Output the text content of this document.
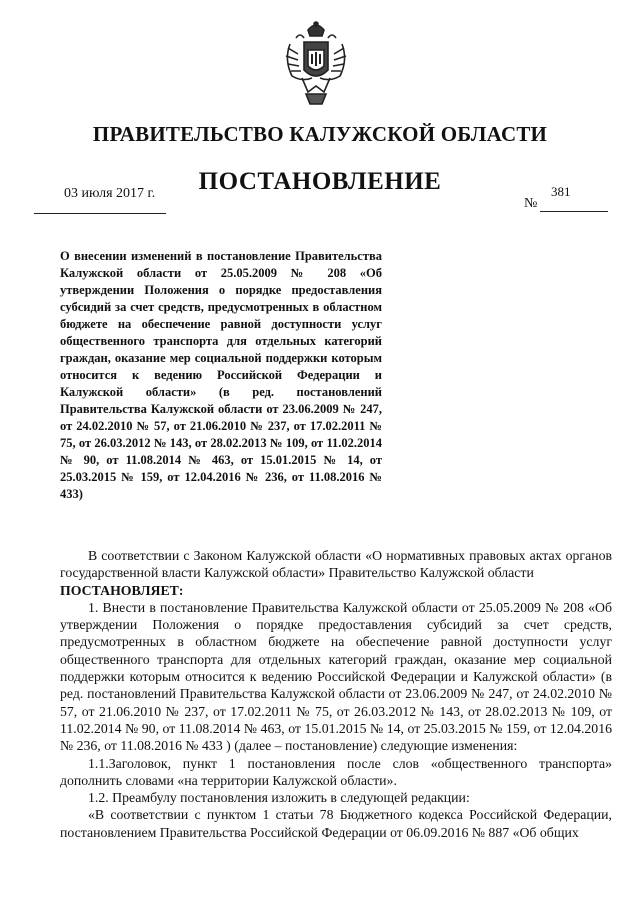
ПРАВИТЕЛЬСТВО КАЛУЖСКОЙ ОБЛАСТИ
ПОСТАНОВЛЕНИЕ
03 июля 2017 г.	381
№
О внесении изменений в постановление Правительства Калужской области от 25.05.2009 № 208 «Об утверждении Положения о порядке предоставления субсидий за счет средств, предусмотренных в областном бюджете на обеспечение равной доступности услуг общественного транспорта для отдельных категорий граждан, оказание мер социальной поддержки которым относится к ведению Российской Федерации и Калужской области» (в ред. постановлений Правительства Калужской области от 23.06.2009 № 247, от 24.02.2010 № 57, от 21.06.2010 № 237, от 17.02.2011 № 75, от 26.03.2012 № 143, от 28.02.2013 № 109, от 11.02.2014 № 90, от 11.08.2014 № 463, от 15.01.2015 № 14, от 25.03.2015 № 159, от 12.04.2016 № 236, от 11.08.2016 № 433)

В соответствии с Законом Калужской области «О нормативных правовых актах органов государственной власти Калужской области» Правительство Калужской области

ПОСТАНОВЛЯЕТ:

1. Внести в постановление Правительства Калужской области от 25.05.2009 № 208 «Об утверждении Положения о порядке предоставления субсидий за счет средств, предусмотренных в областном бюджете на обеспечение равной доступности услуг общественного транспорта для отдельных категорий граждан, оказание мер социальной поддержки которым относится к ведению Российской Федерации и Калужской области» (в ред. постановлений Правительства Калужской области от 23.06.2009 № 247, от 24.02.2010 № 57, от 21.06.2010 № 237, от 17.02.2011 № 75, от 26.03.2012 № 143, от 28.02.2013 № 109, от 11.02.2014 № 90, от 11.08.2014 № 463, от 15.01.2015 № 14, от 25.03.2015 № 159, от 12.04.2016 № 236, от 11.08.2016 № 433 ) (далее – постановление) следующие изменения:

1.1.Заголовок, пункт 1 постановления после слов «общественного транспорта» дополнить словами «на территории Калужской области».

1.2. Преамбулу постановления изложить в следующей редакции:

«В соответствии с пунктом 1 статьи 78 Бюджетного кодекса Российской Федерации, постановлением Правительства Российской Федерации от 06.09.2016 № 887 «Об общих
